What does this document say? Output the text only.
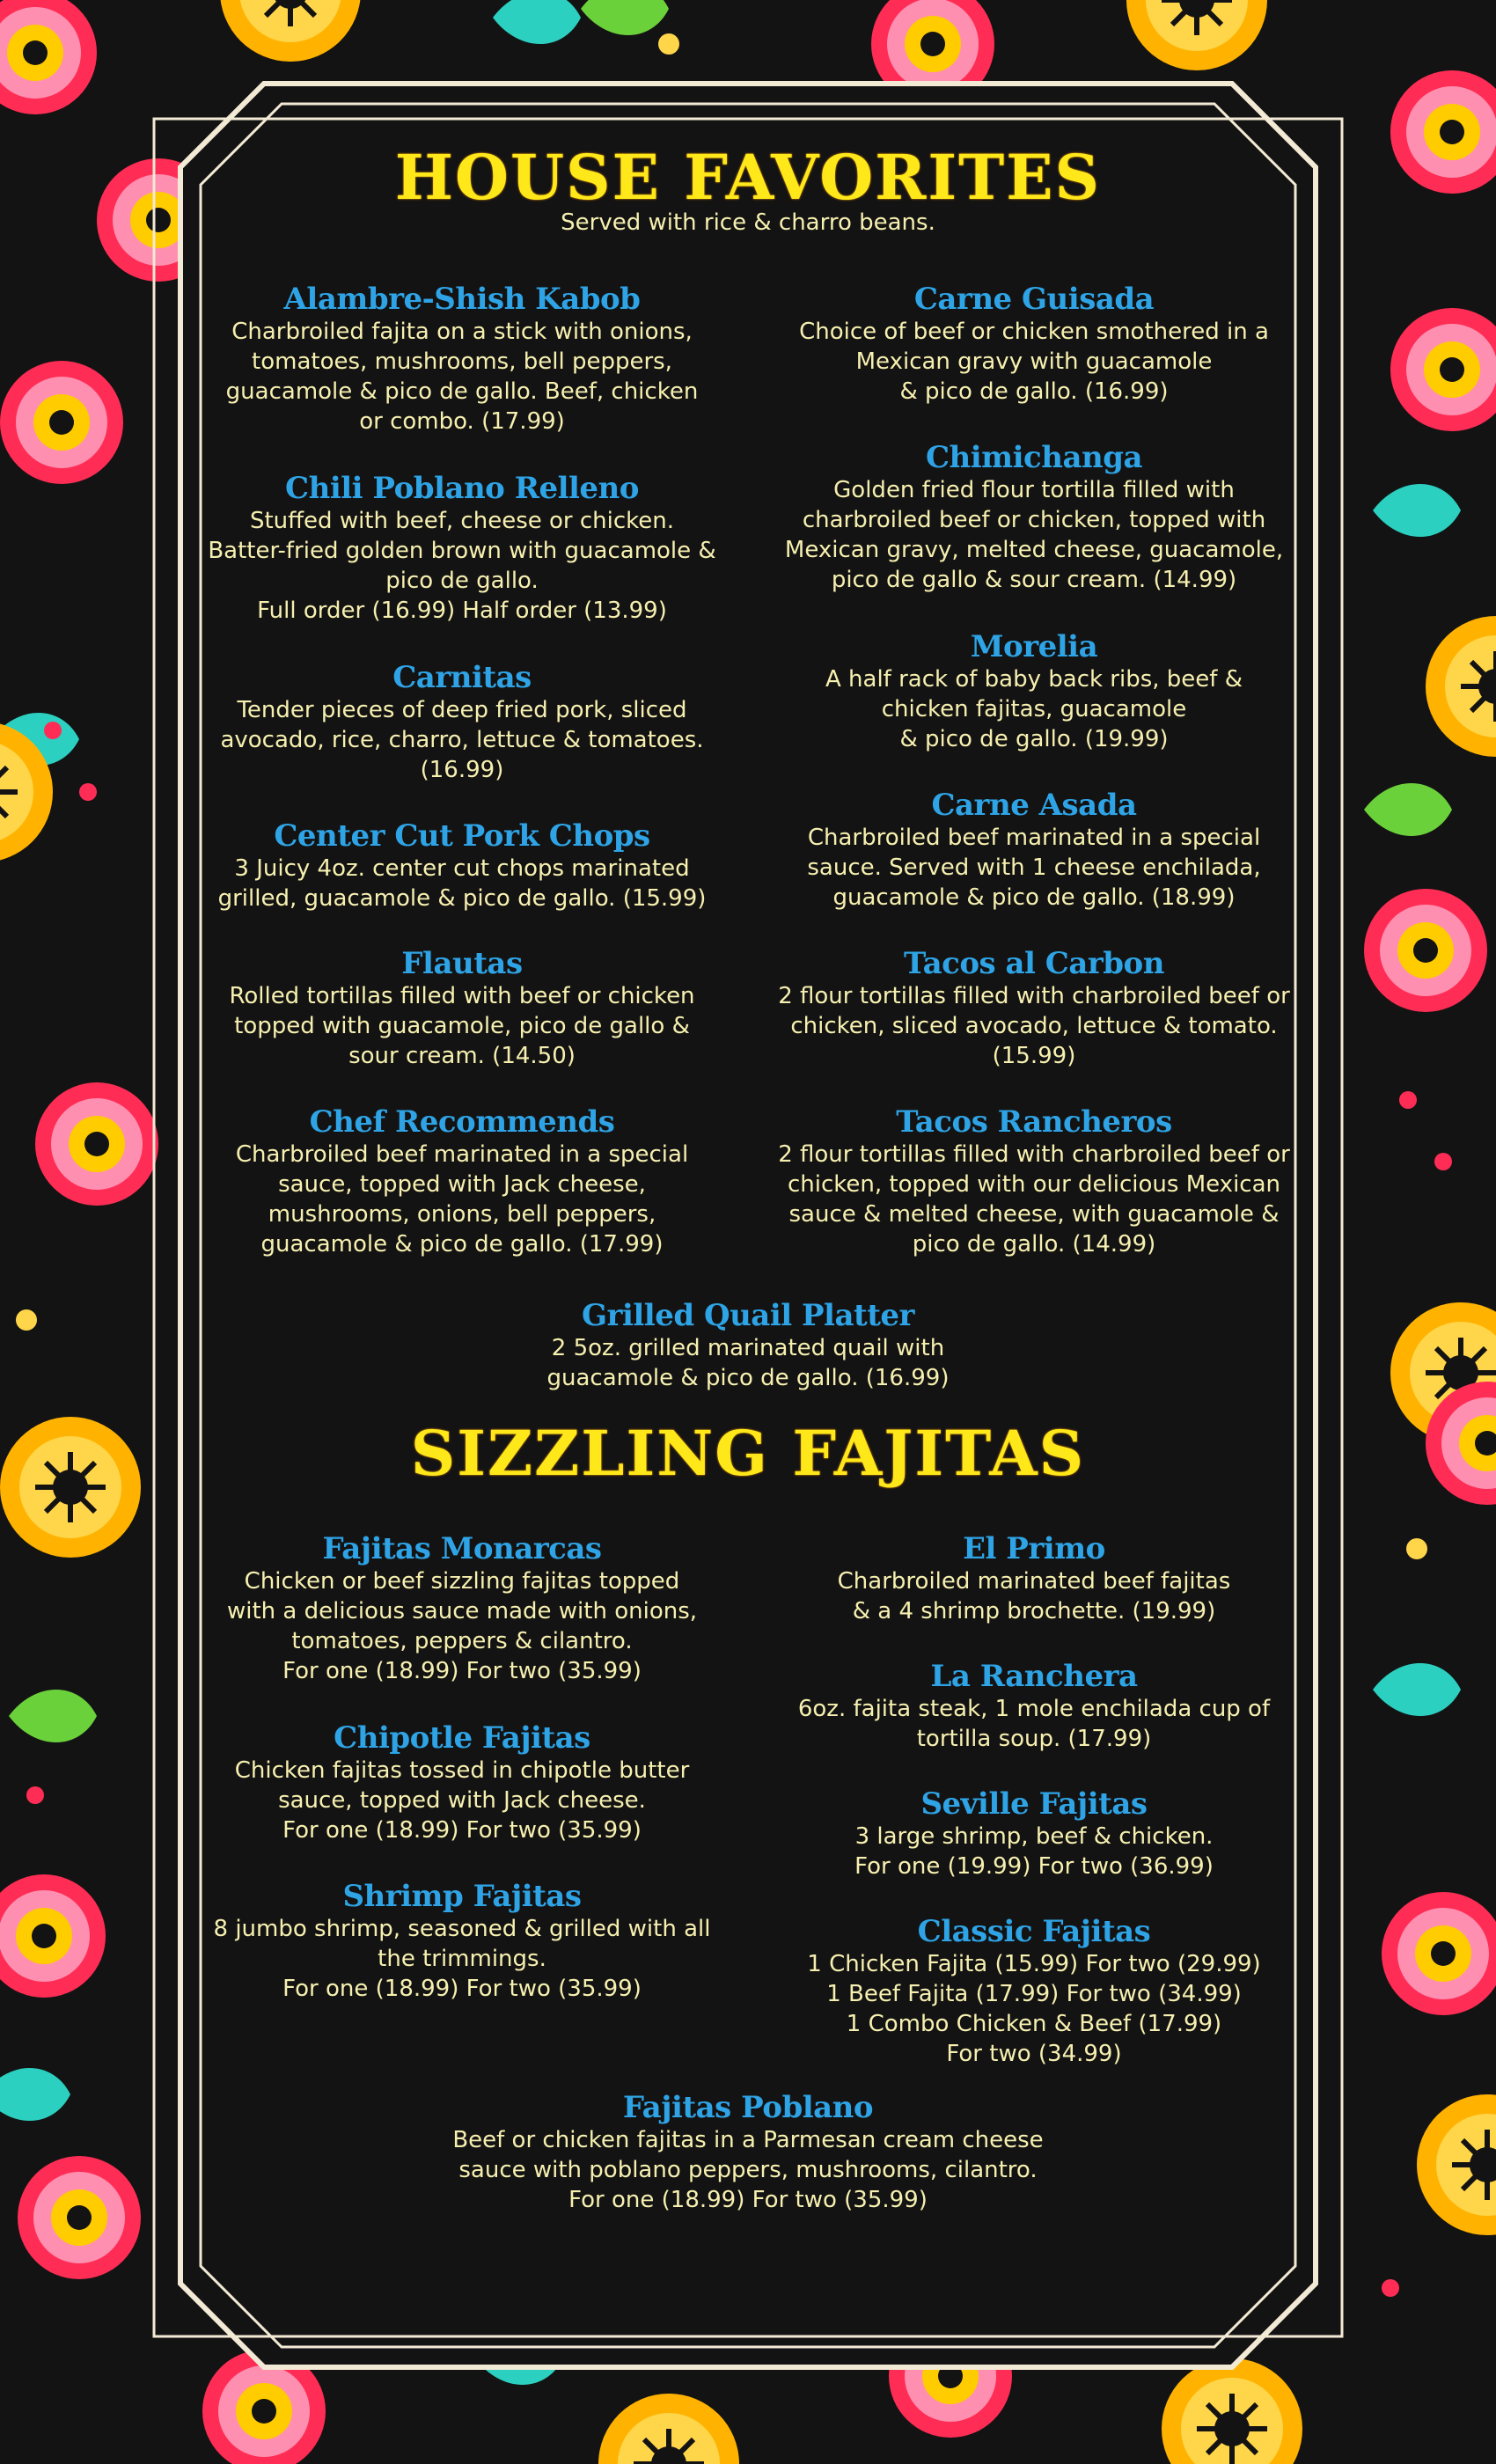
HOUSE FAVORITES
Served with rice & charro beans.
Alambre-Shish Kabob
Charbroiled fajita on a stick with onions,
tomatoes, mushrooms, bell peppers,
guacamole & pico de gallo. Beef, chicken
or combo. (17.99)
Chili Poblano Relleno
Stuffed with beef, cheese or chicken.
Batter-fried golden brown with guacamole &
pico de gallo.
Full order (16.99) Half order (13.99)
Carnitas
Tender pieces of deep fried pork, sliced
avocado, rice, charro, lettuce & tomatoes.
(16.99)
Center Cut Pork Chops
3 Juicy 4oz. center cut chops marinated
grilled, guacamole & pico de gallo. (15.99)
Flautas
Rolled tortillas filled with beef or chicken
topped with guacamole, pico de gallo &
sour cream. (14.50)
Chef Recommends
Charbroiled beef marinated in a special
sauce, topped with Jack cheese,
mushrooms, onions, bell peppers,
guacamole & pico de gallo. (17.99)
Carne Guisada
Choice of beef or chicken smothered in a
Mexican gravy with guacamole
& pico de gallo. (16.99)
Chimichanga
Golden fried flour tortilla filled with
charbroiled beef or chicken, topped with
Mexican gravy, melted cheese, guacamole,
pico de gallo & sour cream. (14.99)
Morelia
A half rack of baby back ribs, beef &
chicken fajitas, guacamole
& pico de gallo. (19.99)
Carne Asada
Charbroiled beef marinated in a special
sauce. Served with 1 cheese enchilada,
guacamole & pico de gallo. (18.99)
Tacos al Carbon
2 flour tortillas filled with charbroiled beef or
chicken, sliced avocado, lettuce & tomato.
(15.99)
Tacos Rancheros
2 flour tortillas filled with charbroiled beef or
chicken, topped with our delicious Mexican
sauce & melted cheese, with guacamole &
pico de gallo. (14.99)
Grilled Quail Platter
2 5oz. grilled marinated quail with
guacamole & pico de gallo. (16.99)
SIZZLING FAJITAS
Fajitas Monarcas
Chicken or beef sizzling fajitas topped
with a delicious sauce made with onions,
tomatoes, peppers & cilantro.
For one (18.99) For two (35.99)
Chipotle Fajitas
Chicken fajitas tossed in chipotle butter
sauce, topped with Jack cheese.
For one (18.99) For two (35.99)
Shrimp Fajitas
8 jumbo shrimp, seasoned & grilled with all
the trimmings.
For one (18.99) For two (35.99)
El Primo
Charbroiled marinated beef fajitas
& a 4 shrimp brochette. (19.99)
La Ranchera
6oz. fajita steak, 1 mole enchilada cup of
tortilla soup. (17.99)
Seville Fajitas
3 large shrimp, beef & chicken.
For one (19.99) For two (36.99)
Classic Fajitas
1 Chicken Fajita (15.99) For two (29.99)
1 Beef Fajita (17.99) For two (34.99)
1 Combo Chicken & Beef (17.99)
For two (34.99)
Fajitas Poblano
Beef or chicken fajitas in a Parmesan cream cheese
sauce with poblano peppers, mushrooms, cilantro.
For one (18.99) For two (35.99)
